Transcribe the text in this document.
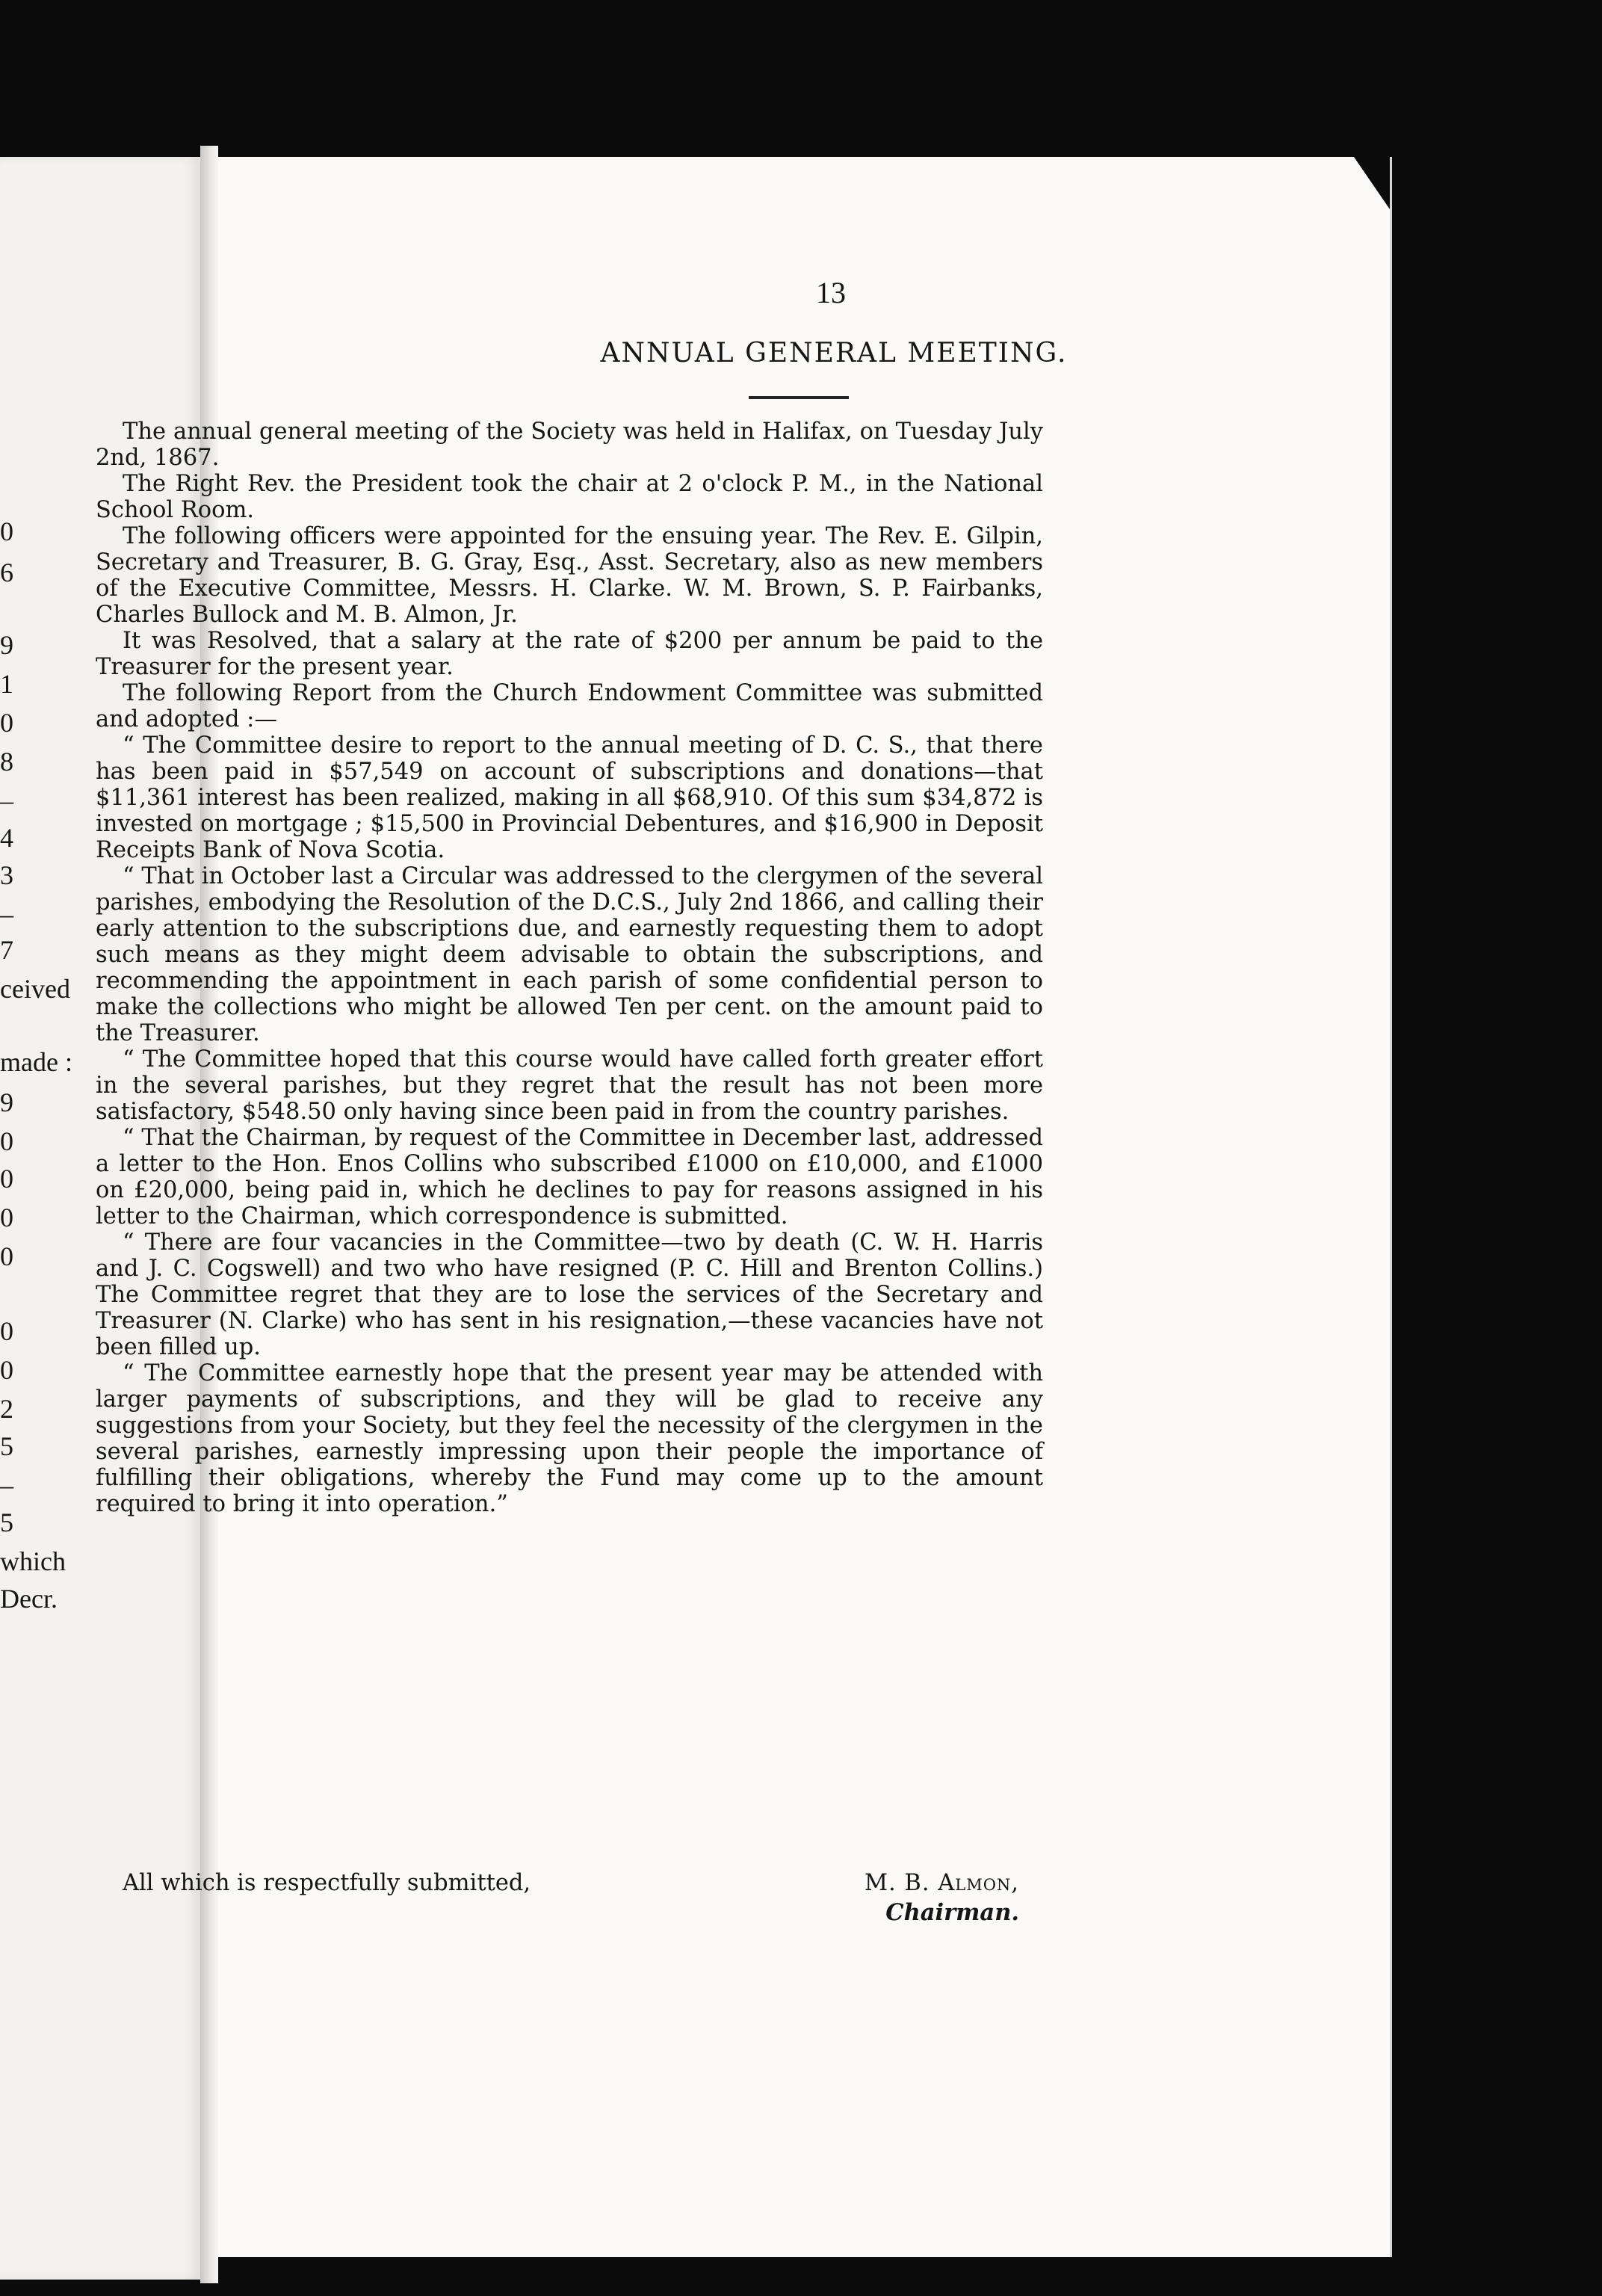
0
6
9
1
0
8
–
4
3
–
7
ceived
made :
9
0
0
0
0
0
0
2
5
–
5
which
Decr.
13
ANNUAL GENERAL MEETING.

The annual general meeting of the Society was held in Halifax, on Tuesday July 2nd, 1867.

The Right Rev. the President took the chair at 2 o'clock P. M., in the National School Room.

The following officers were appointed for the ensuing year. The Rev. E. Gilpin, Secretary and Treasurer, B. G. Gray, Esq., Asst. Secretary, also as new members of the Executive Committee, Messrs. H. Clarke. W. M. Brown, S. P. Fairbanks, Charles Bullock and M. B. Almon, Jr.

It was Resolved, that a salary at the rate of $200 per annum be paid to the Treasurer for the present year.

The following Report from the Church Endowment Committee was submitted and adopted :—

“ The Committee desire to report to the annual meeting of D. C. S., that there has been paid in $57,549 on account of subscriptions and donations—that $11,361 interest has been realized, making in all $68,910. Of this sum $34,872 is invested on mortgage ; $15,500 in Provincial Debentures, and $16,900 in Deposit Receipts Bank of Nova Scotia.

“ That in October last a Circular was addressed to the clergymen of the several parishes, embodying the Resolution of the D.C.S., July 2nd 1866, and calling their early attention to the subscriptions due, and earnestly requesting them to adopt such means as they might deem advisable to obtain the subscriptions, and recommending the appointment in each parish of some confidential person to make the collections who might be allowed Ten per cent. on the amount paid to the Treasurer.

“ The Committee hoped that this course would have called forth greater effort in the several parishes, but they regret that the result has not been more satisfactory, $548.50 only having since been paid in from the country parishes.

“ That the Chairman, by request of the Committee in December last, addressed a letter to the Hon. Enos Collins who subscribed £1000 on £10,000, and £1000 on £20,000, being paid in, which he declines to pay for reasons assigned in his letter to the Chairman, which correspondence is submitted.

“ There are four vacancies in the Committee—two by death (C. W. H. Harris and J. C. Cogswell) and two who have resigned (P. C. Hill and Brenton Collins.) The Committee regret that they are to lose the services of the Secretary and Treasurer (N. Clarke) who has sent in his resignation,—these vacancies have not been filled up.

“ The Committee earnestly hope that the present year may be attended with larger payments of subscriptions, and they will be glad to receive any suggestions from your Society, but they feel the necessity of the clergymen in the several parishes, earnestly impressing upon their people the importance of fulfilling their obligations, whereby the Fund may come up to the amount required to bring it into operation.”

All which is respectfully submitted,	M. B. Almon,
Chairman.
